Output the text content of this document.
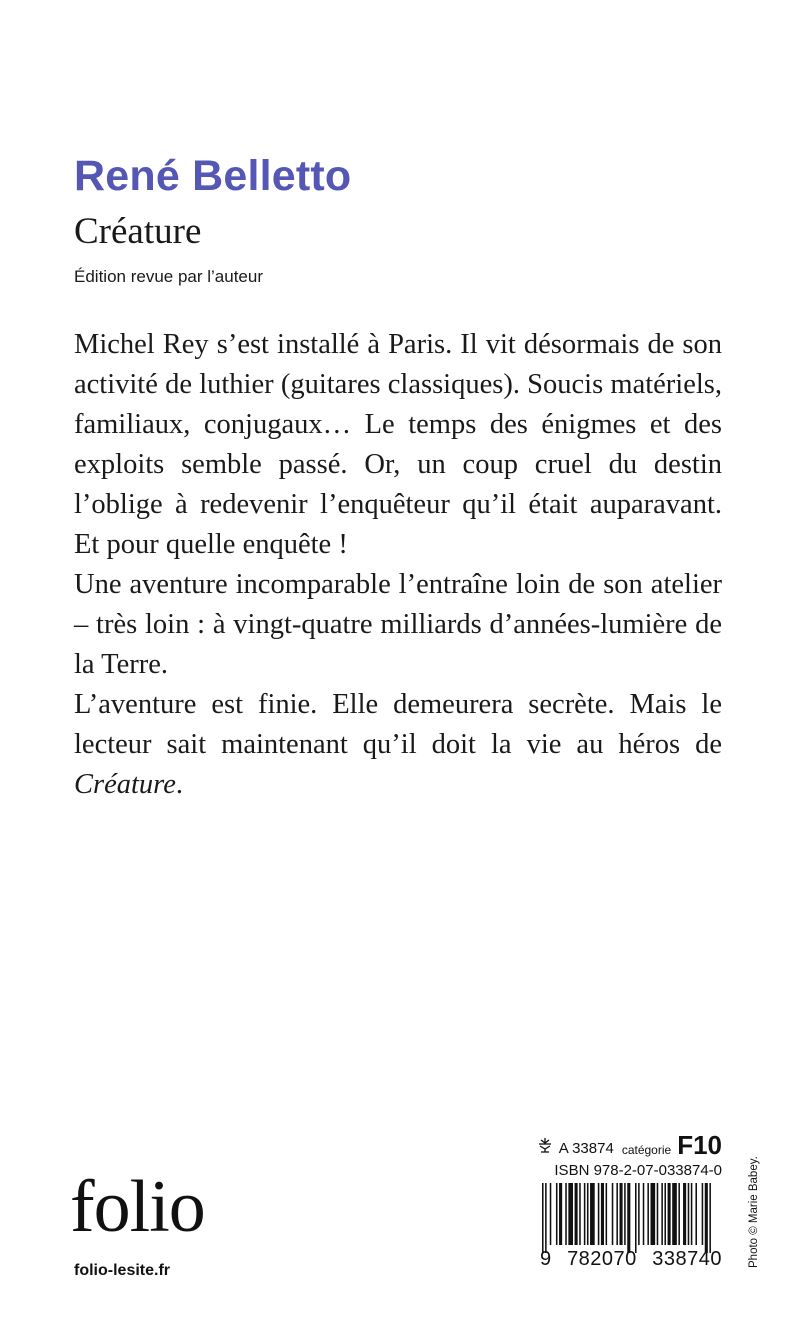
René Belletto
Créature
Édition revue par l’auteur

Michel Rey s’est installé à Paris. Il vit désormais de son activité de luthier (guitares classiques). Soucis matériels, familiaux, conjugaux… Le temps des énigmes et des exploits semble passé. Or, un coup cruel du destin l’oblige à redevenir l’enquêteur qu’il était auparavant. Et pour quelle enquête !

Une aventure incomparable l’entraîne loin de son atelier – très loin : à vingt-quatre milliards d’années-lumière de la Terre.

L’aventure est finie. Elle demeurera secrète. Mais le lecteur sait maintenant qu’il doit la vie au héros de Créature.

folio
folio-lesite.fr
A 33874 catégorie F10
ISBN 978-2-07-033874-0
9 782070 338740 Photo © Marie Babey.
